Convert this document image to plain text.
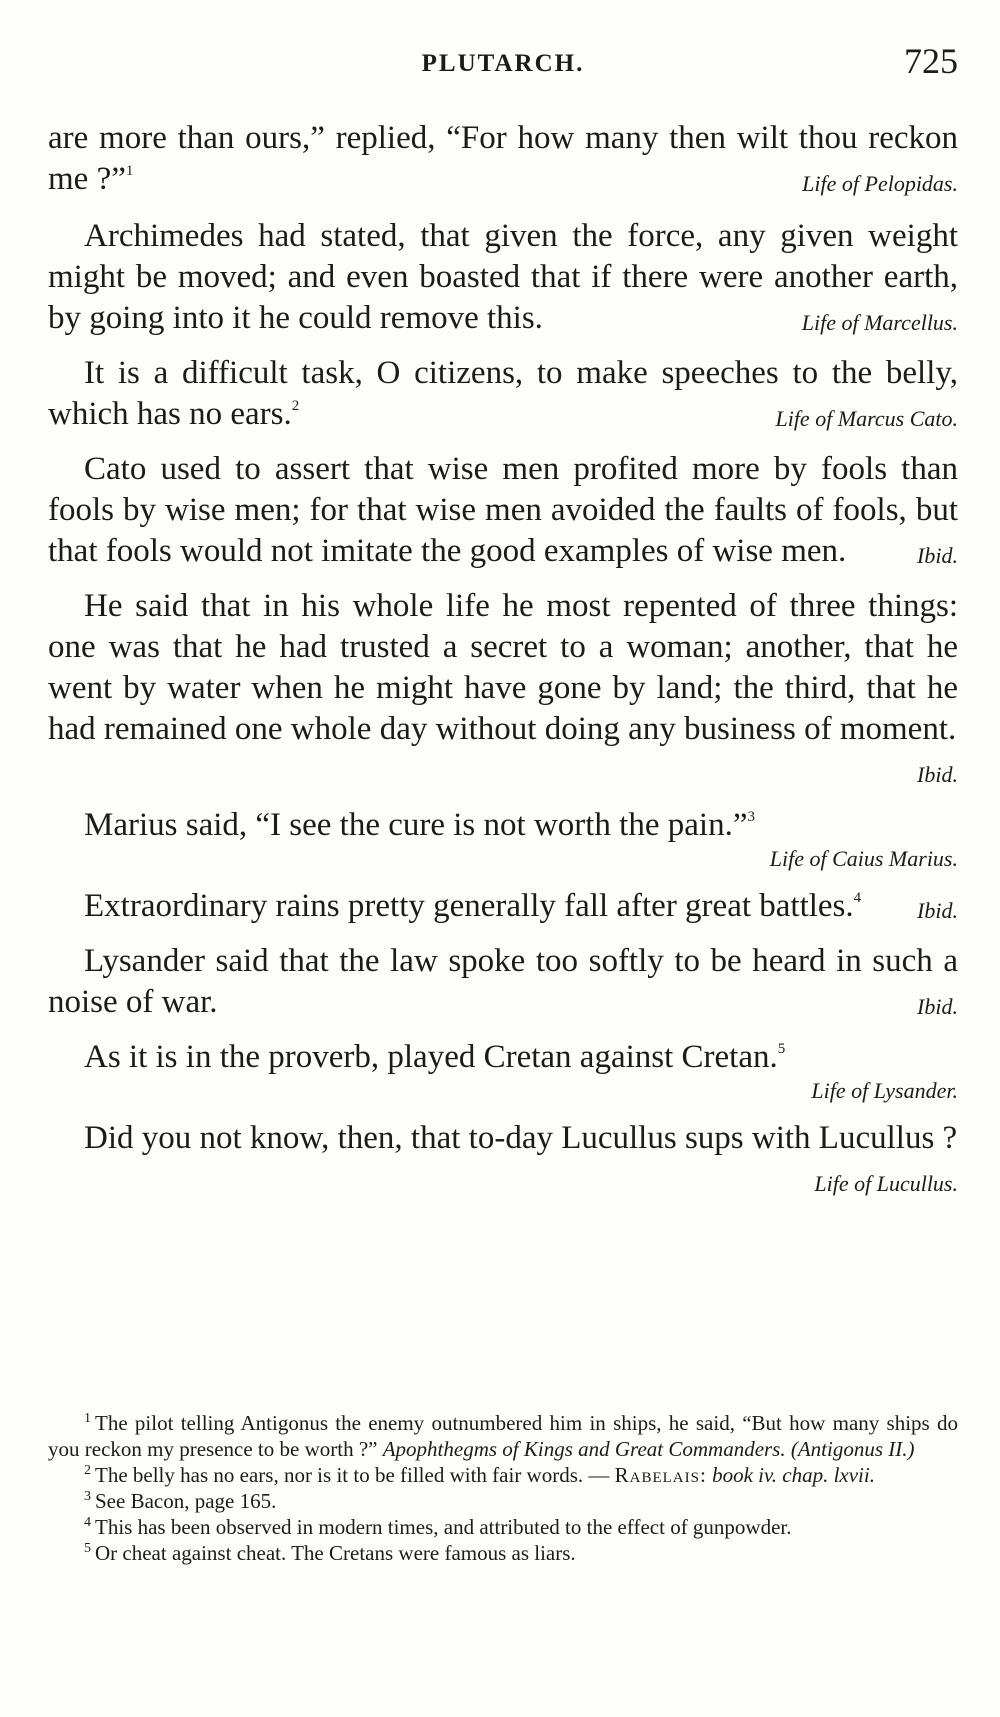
PLUTARCH.	725
are more than ours,” replied, “For how many then wilt thou reckon me ?”$^1$	Life of Pelopidas.
Archimedes had stated, that given the force, any given weight might be moved; and even boasted that if there were another earth, by going into it he could remove this.	Life of Marcellus.
It is a difficult task, O citizens, to make speeches to the belly, which has no ears.$^2$	Life of Marcus Cato.
Cato used to assert that wise men profited more by fools than fools by wise men; for that wise men avoided the faults of fools, but that fools would not imitate the good examples of wise men.	Ibid.
He said that in his whole life he most repented of three things: one was that he had trusted a secret to a woman; another, that he went by water when he might have gone by land; the third, that he had remained one whole day without doing any business of moment.
Ibid.
Marius said, “I see the cure is not worth the pain.”$^3$
Life of Caius Marius.
Extraordinary rains pretty generally fall after great battles.$^4$	Ibid.
Lysander said that the law spoke too softly to be heard in such a noise of war.	Ibid.
As it is in the proverb, played Cretan against Cretan.$^5$
Life of Lysander.
Did you not know, then, that to-day Lucullus sups with Lucullus ?
Life of Lucullus.
$^1$ The pilot telling Antigonus the enemy outnumbered him in ships, he said, “But how many ships do you reckon my presence to be worth ?” Apophthegms of Kings and Great Commanders. (Antigonus II.)
$^2$ The belly has no ears, nor is it to be filled with fair words. — Rabelais: book iv. chap. lxvii.
$^3$ See Bacon, page 165.
$^4$ This has been observed in modern times, and attributed to the effect of gunpowder.
$^5$ Or cheat against cheat. The Cretans were famous as liars.
